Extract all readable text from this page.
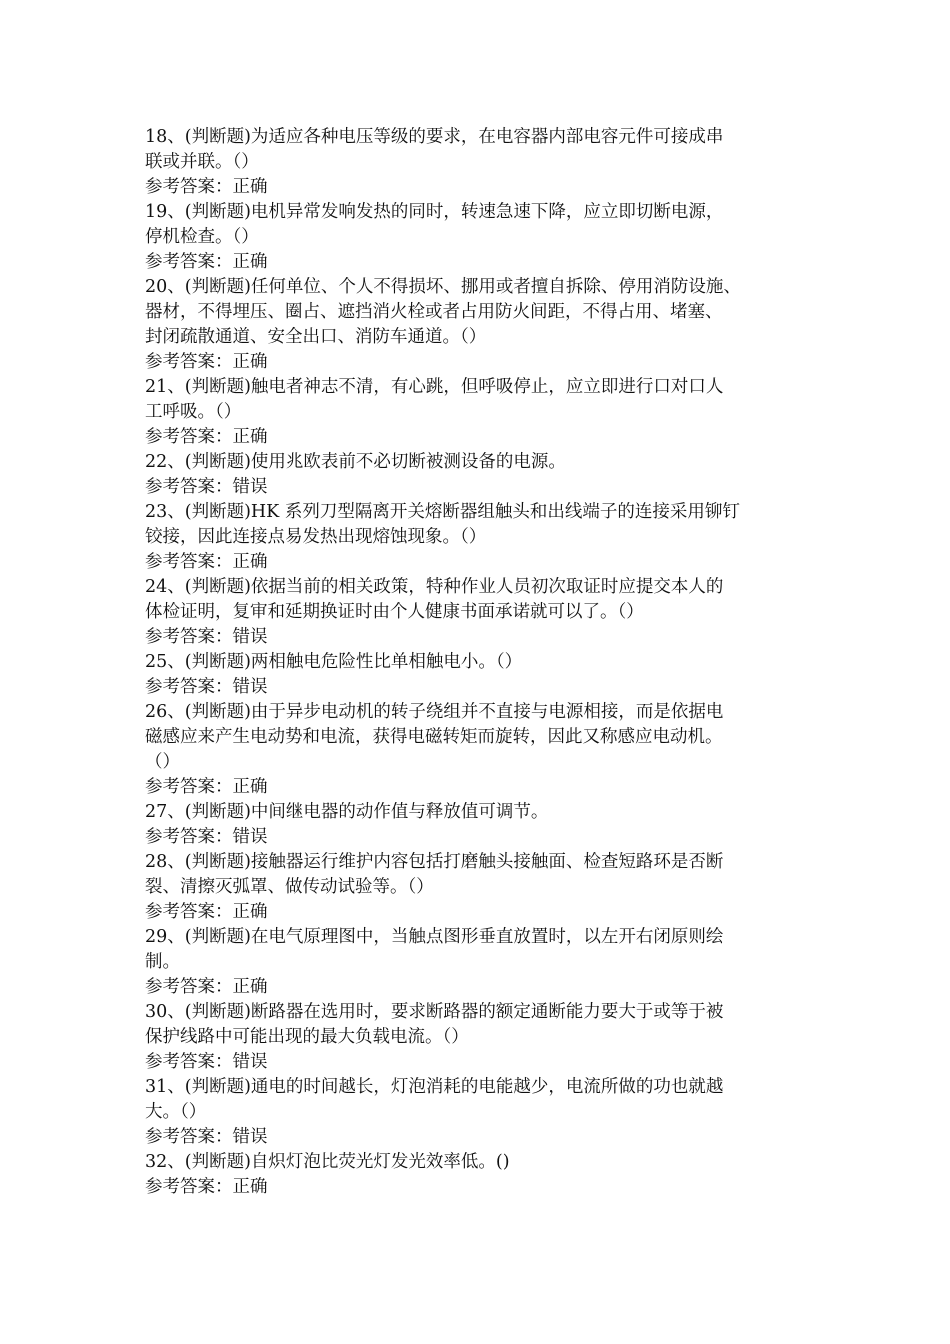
18、(判断题)为适应各种电压等级的要求，在电容器内部电容元件可接成串
联或并联。（）

参考答案：正确

19、(判断题)电机异常发响发热的同时，转速急速下降，应立即切断电源，
停机检查。（）

参考答案：正确

20、(判断题)任何单位、个人不得损坏、挪用或者擅自拆除、停用消防设施、
器材，不得埋压、圈占、遮挡消火栓或者占用防火间距，不得占用、堵塞、
封闭疏散通道、安全出口、消防车通道。（）

参考答案：正确

21、(判断题)触电者神志不清，有心跳，但呼吸停止，应立即进行口对口人
工呼吸。（）

参考答案：正确

22、(判断题)使用兆欧表前不必切断被测设备的电源。

参考答案：错误

23、(判断题)HK 系列刀型隔离开关熔断器组触头和出线端子的连接采用铆钉
铰接，因此连接点易发热出现熔蚀现象。（）

参考答案：正确

24、(判断题)依据当前的相关政策，特种作业人员初次取证时应提交本人的
体检证明，复审和延期换证时由个人健康书面承诺就可以了。（）

参考答案：错误

25、(判断题)两相触电危险性比单相触电小。（）

参考答案：错误

26、(判断题)由于异步电动机的转子绕组并不直接与电源相接，而是依据电
磁感应来产生电动势和电流，获得电磁转矩而旋转，因此又称感应电动机。
（）

参考答案：正确

27、(判断题)中间继电器的动作值与释放值可调节。

参考答案：错误

28、(判断题)接触器运行维护内容包括打磨触头接触面、检查短路环是否断
裂、清擦灭弧罩、做传动试验等。（）

参考答案：正确

29、(判断题)在电气原理图中，当触点图形垂直放置时，以左开右闭原则绘
制。

参考答案：正确

30、(判断题)断路器在选用时，要求断路器的额定通断能力要大于或等于被
保护线路中可能出现的最大负载电流。（）

参考答案：错误

31、(判断题)通电的时间越长，灯泡消耗的电能越少，电流所做的功也就越
大。（）

参考答案：错误

32、(判断题)自炽灯泡比荧光灯发光效率低。()

参考答案：正确
